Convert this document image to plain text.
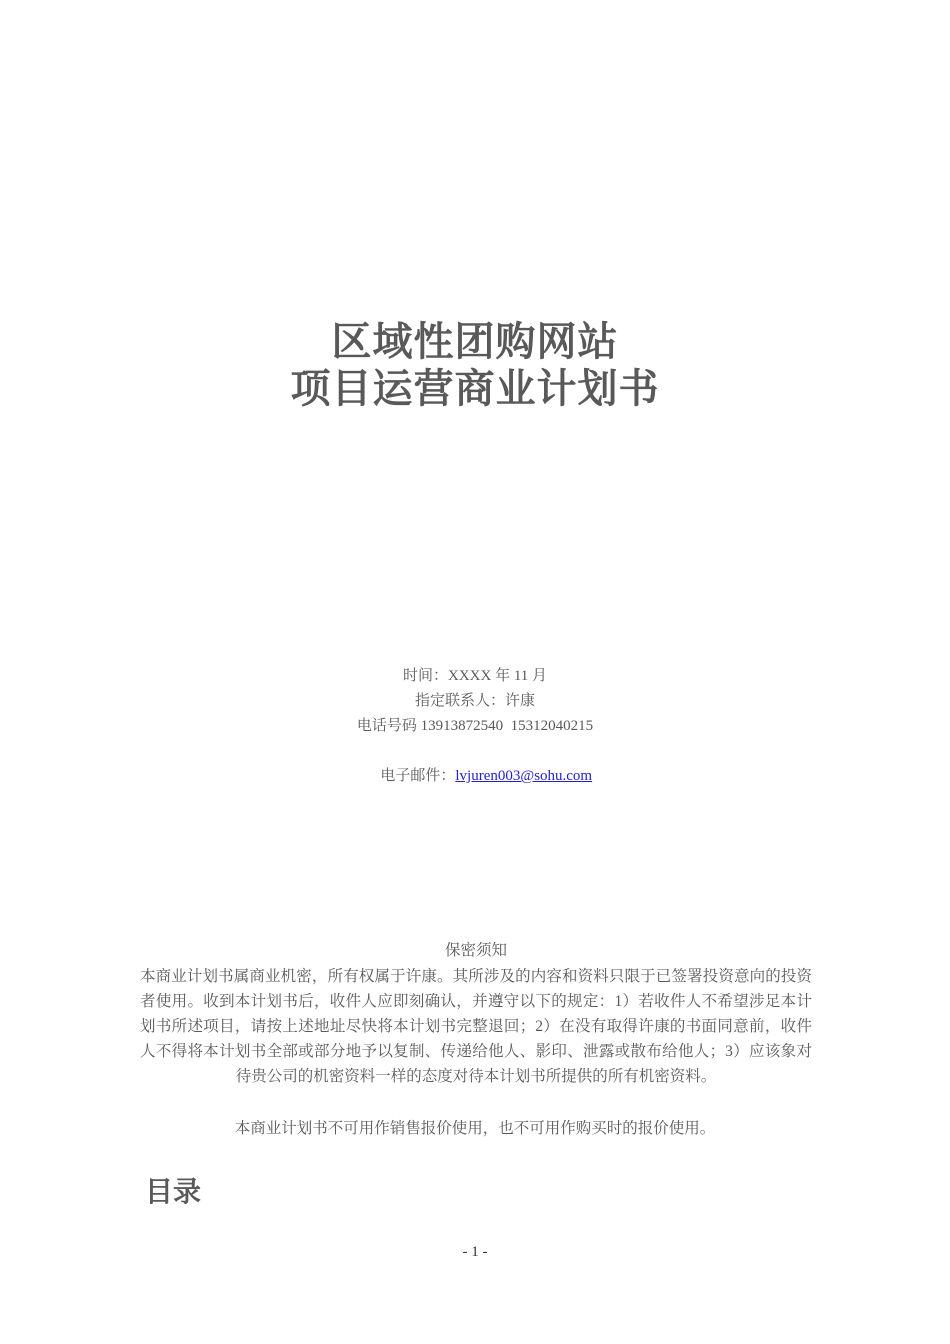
区域性团购网站
项目运营商业计划书
时间：XXXX 年 11 月
指定联系人：许康
电话号码 13913872540  15312040215

电子邮件：lvjuren003@sohu.com

保密须知
本商业计划书属商业机密，所有权属于许康。其所涉及的内容和资料只限于已签署投资意向的投资者使用。收到本计划书后，收件人应即刻确认，并遵守以下的规定：1）若收件人不希望涉足本计划书所述项目，请按上述地址尽快将本计划书完整退回；2）在没有取得许康的书面同意前，收件人不得将本计划书全部或部分地予以复制、传递给他人、影印、泄露或散布给他人；3）应该象对待贵公司的机密资料一样的态度对待本计划书所提供的所有机密资料。
本商业计划书不可用作销售报价使用，也不可用作购买时的报价使用。
目录
- 1 -
